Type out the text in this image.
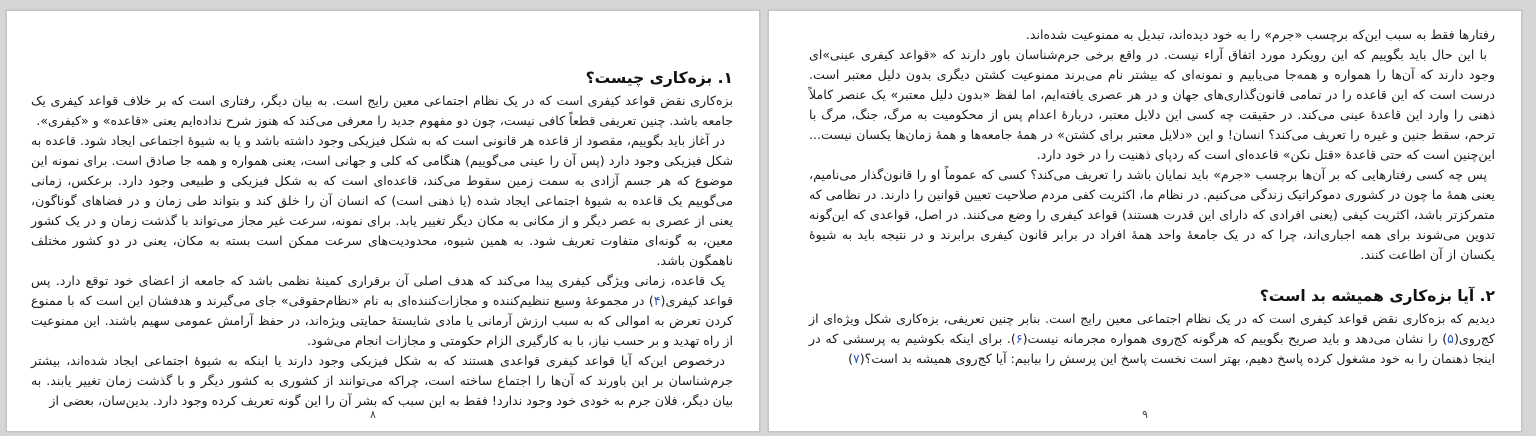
۱. بزه‌کاری چیست؟

بزه‌کاری نقض قواعد کیفری است که در یک نظام اجتماعی معین رایج است. به بیان دیگر، رفتاری است که بر خلاف قواعد کیفری یک جامعه باشد. چنین تعریفی قطعاً کافی نیست، چون دو مفهوم جدید را معرفی می‌کند که هنوز شرح نداده‌ایم یعنی «قاعده» و «کیفری».

در آغاز باید بگوییم، مقصود از قاعده هر قانونی است که به شکل فیزیکی وجود داشته باشد و یا به شیوهٔ اجتماعی ایجاد شود. قاعده به شکل فیزیکی وجود دارد (پس آن را عینی می‌گوییم) هنگامی که کلی و جهانی است، یعنی همواره و همه جا صادق است. برای نمونه این موضوع که هر جسم آزادی به سمت زمین سقوط می‌کند، قاعده‌ای است که به شکل فیزیکی و طبیعی وجود دارد. برعکس، زمانی می‌گوییم یک قاعده به شیوهٔ اجتماعی ایجاد شده (یا ذهنی است) که انسان آن را خلق کند و بتواند طی زمان و در فضاهای گوناگون، یعنی از عصری به عصر دیگر و از مکانی به مکان دیگر تغییر یابد. برای نمونه، سرعت غیر مجاز می‌تواند با گذشت زمان و در یک کشور معین، به گونه‌ای متفاوت تعریف شود. به همین شیوه، محدودیت‌های سرعت ممکن است بسته به مکان، یعنی در دو کشور مختلف ناهمگون باشد.

یک قاعده، زمانی ویژگی کیفری پیدا می‌کند که هدف اصلی آن برقراری کمینهٔ نظمی باشد که جامعه از اعضای خود توقع دارد. پس قواعد کیفری(۴) در مجموعهٔ وسیع تنظیم‌کننده و مجازات‌کننده‌ای به نام «نظام‌حقوقی» جای می‌گیرند و هدفشان این است که با ممنوع کردن تعرض به اموالی که به سبب ارزش آرمانی یا مادی شایستهٔ حمایتی ویژه‌اند، در حفظ آرامش عمومی سهیم باشند. این ممنوعیت از راه تهدید و بر حسب نیاز، با به کارگیری الزام حکومتی و مجازات انجام می‌شود.

درخصوص این‌که آیا قواعد کیفری قواعدی هستند که به شکل فیزیکی وجود دارند یا اینکه به شیوهٔ اجتماعی ایجاد شده‌اند، بیشتر جرم‌شناسان بر این باورند که آن‌ها را اجتماع ساخته است، چراکه می‌توانند از کشوری به کشور دیگر و با گذشت زمان تغییر یابند. به بیان دیگر، فلان جرم به خودی خود وجود ندارد! فقط به این سبب که بشر آن را این گونه تعریف کرده وجود دارد. بدین‌سان، بعضی از

۸

رفتارها فقط به سبب این‌که برچسب «جرم» را به خود دیده‌اند، تبدیل به ممنوعیت شده‌اند.

با این حال باید بگوییم که این رویکرد مورد اتفاق آراء نیست. در واقع برخی جرم‌شناسان باور دارند که «قواعد کیفری عینی»ای وجود دارند که آن‌ها را همواره و همه‌جا می‌یابیم و نمونه‌ای که بیشتر نام می‌برند ممنوعیت کشتن دیگری بدون دلیل معتبر است. درست است که این قاعده را در تمامی قانون‌گذاری‌های جهان و در هر عصری یافته‌ایم، اما لفظ «بدون دلیل معتبر» یک عنصر کاملاً ذهنی را وارد این قاعدهٔ عینی می‌کند. در حقیقت چه کسی این دلایل معتبر، دربارهٔ اعدام پس از محکومیت به مرگ، جنگ، مرگ با ترحم، سقط جنین و غیره را تعریف می‌کند؟ انسان! و این «دلایل معتبر برای کشتن» در همهٔ جامعه‌ها و همهٔ زمان‌ها یکسان نیست... این‌چنین است که حتی قاعدهٔ «قتل نکن» قاعده‌ای است که ردپای ذهنیت را در خود دارد.

پس چه کسی رفتارهایی که بر آن‌ها برچسب «جرم» باید نمایان باشد را تعریف می‌کند؟ کسی که عموماً او را قانون‌گذار می‌نامیم، یعنی همهٔ ما چون در کشوری دموکراتیک زندگی می‌کنیم. در نظام ما، اکثریت کفی مردم صلاحیت تعیین قوانین را دارند. در نظامی که متمرکزتر باشد، اکثریت کیفی (یعنی افرادی که دارای این قدرت هستند) قواعد کیفری را وضع می‌کنند. در اصل، قواعدی که این‌گونه تدوین می‌شوند برای همه اجباری‌اند، چرا که در یک جامعهٔ واحد همهٔ افراد در برابر قانون کیفری برابرند و در نتیجه باید به شیوهٔ یکسان از آن اطاعت کنند.

۲. آیا بزه‌کاری همیشه بد است؟

دیدیم که بزه‌کاری نقض قواعد کیفری است که در یک نظام اجتماعی معین رایج است. بنابر چنین تعریفی، بزه‌کاری شکل ویژه‌ای از کج‌روی(۵) را نشان می‌دهد و باید صریح بگوییم که هرگونه کج‌روی همواره مجرمانه نیست(۶). برای اینکه بکوشیم به پرسشی که در اینجا ذهنمان را به خود مشغول کرده پاسخ دهیم، بهتر است نخست پاسخ این پرسش را بیابیم: آیا کج‌روی همیشه بد است؟(۷)

۹
